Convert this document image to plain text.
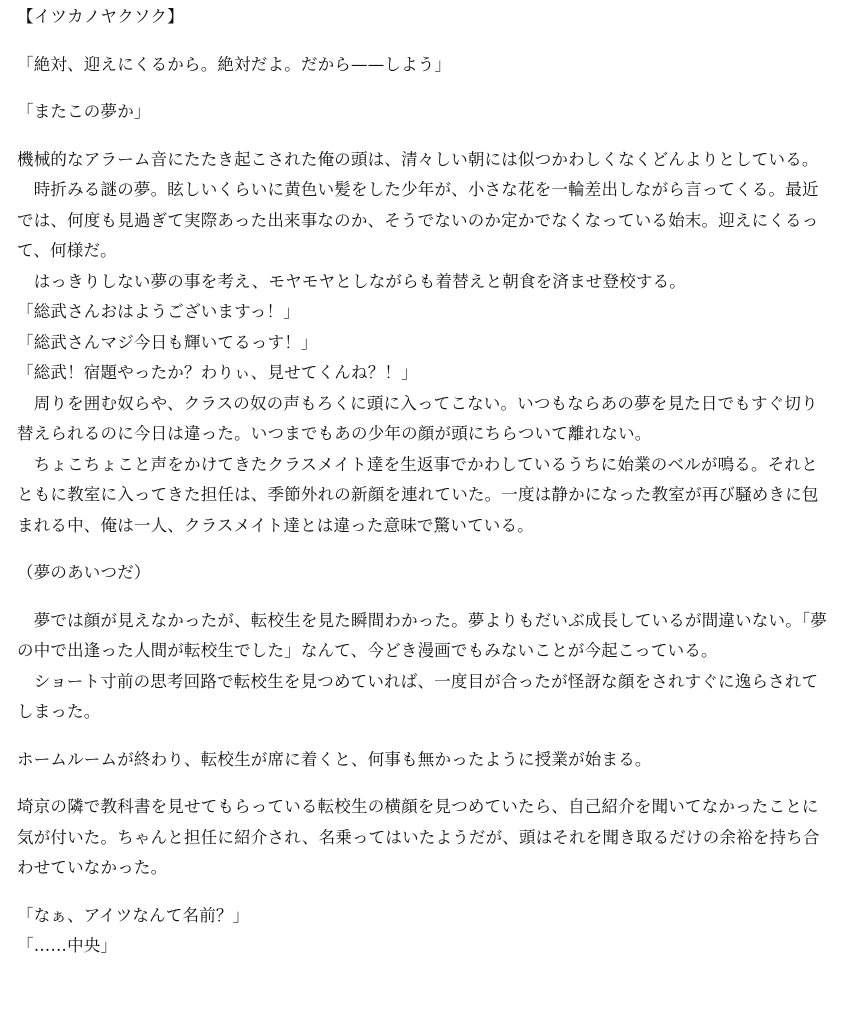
【イツカノヤクソク】

「絶対、迎えにくるから。絶対だよ。だから——しよう」

「またこの夢か」

機械的なアラーム音にたたき起こされた俺の頭は、清々しい朝には似つかわしくなくどんよりとしている。

　時折みる謎の夢。眩しいくらいに黄色い髪をした少年が、小さな花を一輪差出しながら言ってくる。最近では、何度も見過ぎて実際あった出来事なのか、そうでないのか定かでなくなっている始末。迎えにくるって、何様だ。

　はっきりしない夢の事を考え、モヤモヤとしながらも着替えと朝食を済ませ登校する。

「総武さんおはようございますっ！」

「総武さんマジ今日も輝いてるっす！」

「総武！宿題やったか？わりぃ、見せてくんね？！」

　周りを囲む奴らや、クラスの奴の声もろくに頭に入ってこない。いつもならあの夢を見た日でもすぐ切り替えられるのに今日は違った。いつまでもあの少年の顔が頭にちらついて離れない。

　ちょこちょこと声をかけてきたクラスメイト達を生返事でかわしているうちに始業のベルが鳴る。それとともに教室に入ってきた担任は、季節外れの新顔を連れていた。一度は静かになった教室が再び騒めきに包まれる中、俺は一人、クラスメイト達とは違った意味で驚いている。

（夢のあいつだ）

　夢では顔が見えなかったが、転校生を見た瞬間わかった。夢よりもだいぶ成長しているが間違いない。「夢の中で出逢った人間が転校生でした」なんて、今どき漫画でもみないことが今起こっている。

　ショート寸前の思考回路で転校生を見つめていれば、一度目が合ったが怪訝な顔をされすぐに逸らされてしまった。

ホームルームが終わり、転校生が席に着くと、何事も無かったように授業が始まる。

埼京の隣で教科書を見せてもらっている転校生の横顔を見つめていたら、自己紹介を聞いてなかったことに気が付いた。ちゃんと担任に紹介され、名乗ってはいたようだが、頭はそれを聞き取るだけの余裕を持ち合わせていなかった。

「なぁ、アイツなんて名前？」

「……中央」
